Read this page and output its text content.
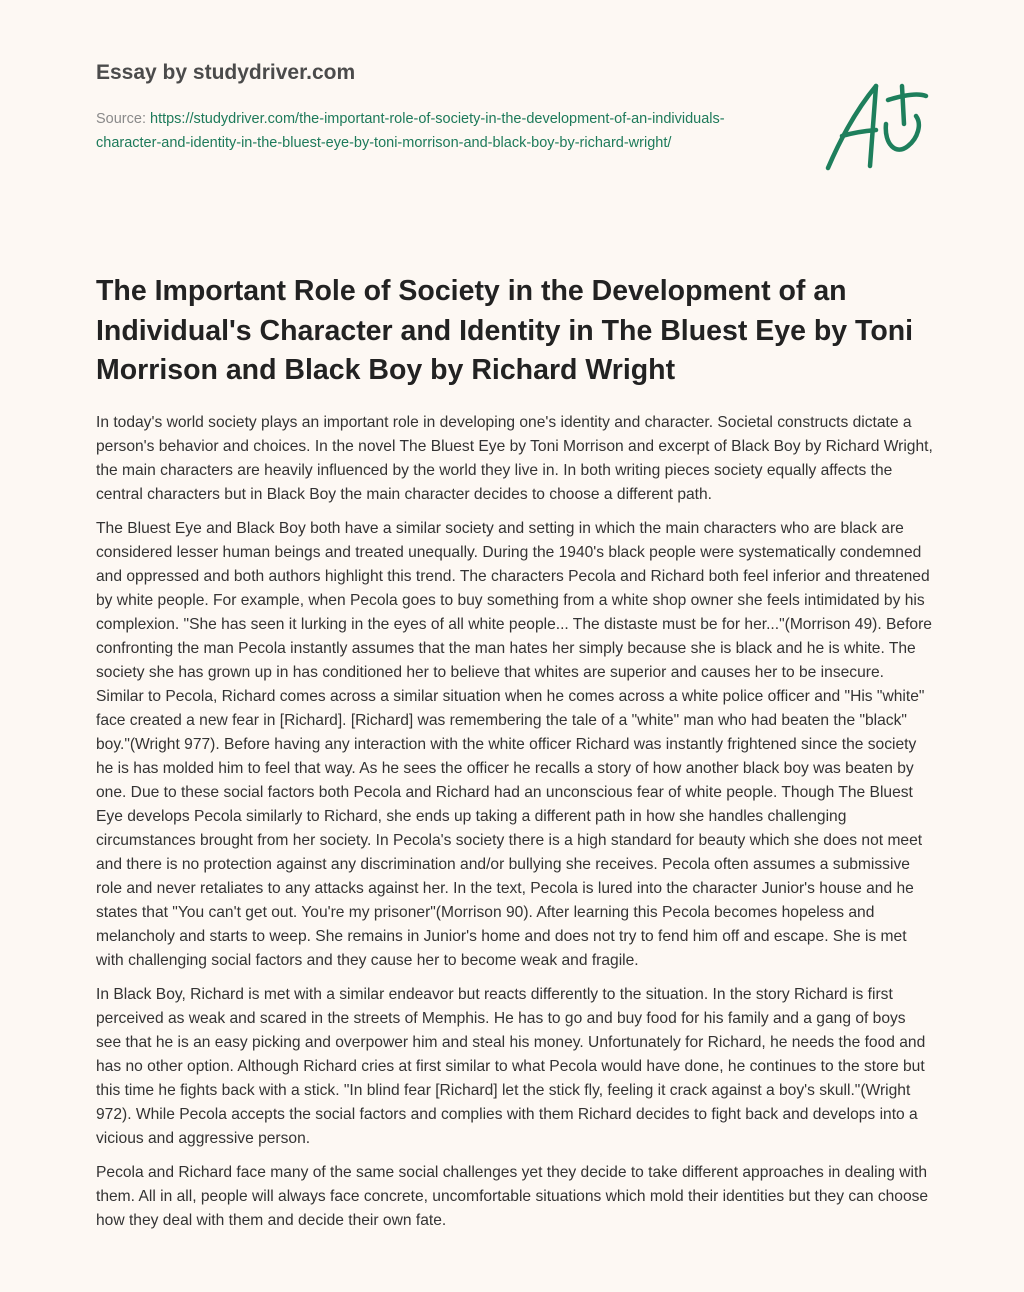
Essay by studydriver.com
Source: https://studydriver.com/the-important-role-of-society-in-the-development-of-an-individuals-character-and-identity-in-the-bluest-eye-by-toni-morrison-and-black-boy-by-richard-wright/
The Important Role of Society in the Development of an Individual's Character and Identity in The Bluest Eye by Toni Morrison and Black Boy by Richard Wright

In today's world society plays an important role in developing one's identity and character. Societal constructs dictate a person's behavior and choices. In the novel The Bluest Eye by Toni Morrison and excerpt of Black Boy by Richard Wright, the main characters are heavily influenced by the world they live in. In both writing pieces society equally affects the central characters but in Black Boy the main character decides to choose a different path.

The Bluest Eye and Black Boy both have a similar society and setting in which the main characters who are black are considered lesser human beings and treated unequally. During the 1940's black people were systematically condemned and oppressed and both authors highlight this trend. The characters Pecola and Richard both feel inferior and threatened by white people. For example, when Pecola goes to buy something from a white shop owner she feels intimidated by his complexion. "She has seen it lurking in the eyes of all white people... The distaste must be for her..."(Morrison 49). Before confronting the man Pecola instantly assumes that the man hates her simply because she is black and he is white. The society she has grown up in has conditioned her to believe that whites are superior and causes her to be insecure. Similar to Pecola, Richard comes across a similar situation when he comes across a white police officer and "His "white" face created a new fear in [Richard]. [Richard] was remembering the tale of a "white" man who had beaten the "black" boy."(Wright 977). Before having any interaction with the white officer Richard was instantly frightened since the society he is has molded him to feel that way. As he sees the officer he recalls a story of how another black boy was beaten by one. Due to these social factors both Pecola and Richard had an unconscious fear of white people. Though The Bluest Eye develops Pecola similarly to Richard, she ends up taking a different path in how she handles challenging circumstances brought from her society. In Pecola's society there is a high standard for beauty which she does not meet and there is no protection against any discrimination and/or bullying she receives. Pecola often assumes a submissive role and never retaliates to any attacks against her. In the text, Pecola is lured into the character Junior's house and he states that "You can't get out. You're my prisoner"(Morrison 90). After learning this Pecola becomes hopeless and melancholy and starts to weep. She remains in Junior's home and does not try to fend him off and escape. She is met with challenging social factors and they cause her to become weak and fragile.

In Black Boy, Richard is met with a similar endeavor but reacts differently to the situation. In the story Richard is first perceived as weak and scared in the streets of Memphis. He has to go and buy food for his family and a gang of boys see that he is an easy picking and overpower him and steal his money. Unfortunately for Richard, he needs the food and has no other option. Although Richard cries at first similar to what Pecola would have done, he continues to the store but this time he fights back with a stick. "In blind fear [Richard] let the stick fly, feeling it crack against a boy's skull."(Wright 972). While Pecola accepts the social factors and complies with them Richard decides to fight back and develops into a vicious and aggressive person.

Pecola and Richard face many of the same social challenges yet they decide to take different approaches in dealing with them. All in all, people will always face concrete, uncomfortable situations which mold their identities but they can choose how they deal with them and decide their own fate.
